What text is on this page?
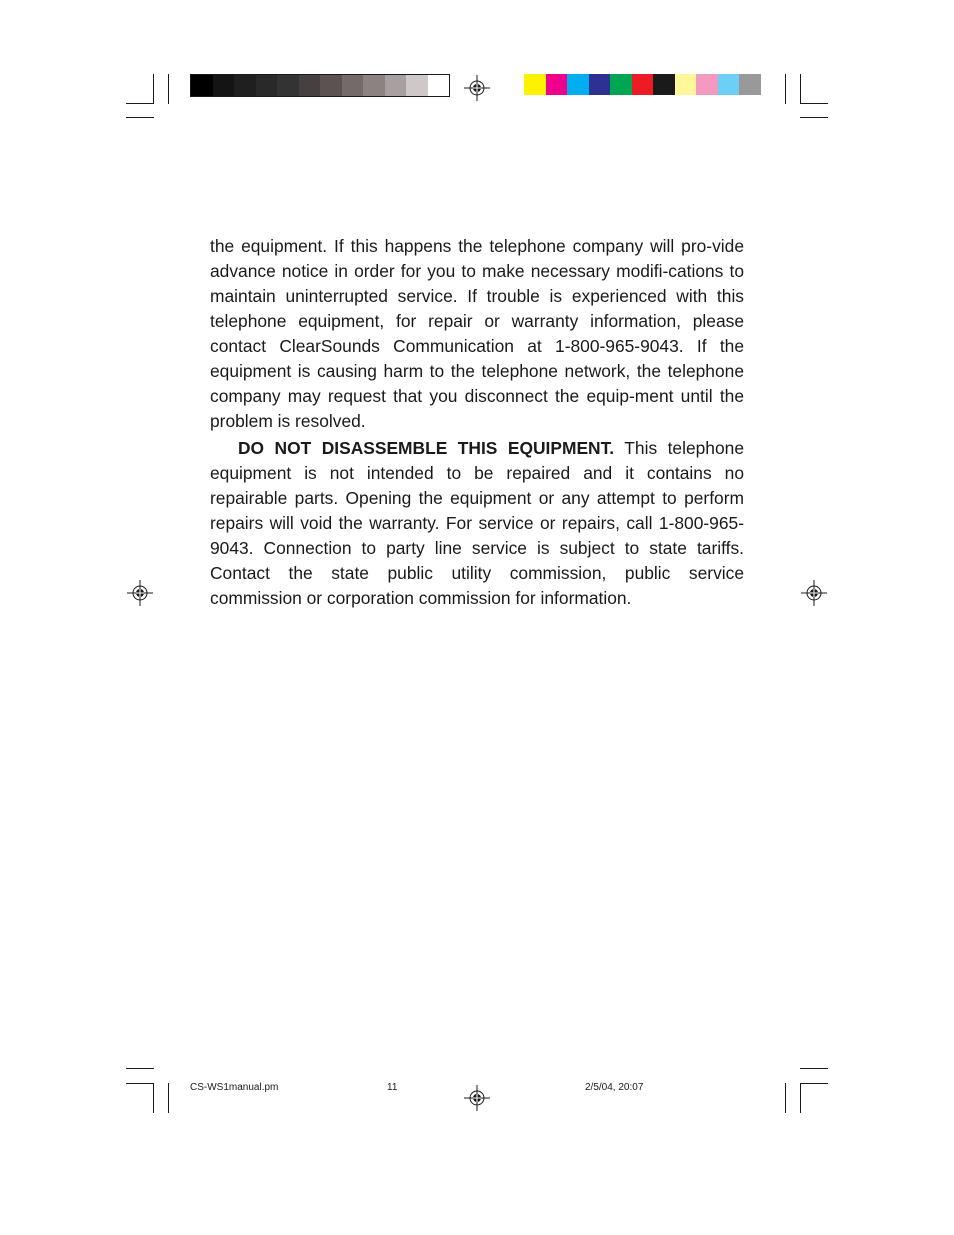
the equipment. If this happens the telephone company will pro-vide advance notice in order for you to make necessary modifi-cations to maintain uninterrupted service. If trouble is experienced with this telephone equipment, for repair or warranty information, please contact ClearSounds Communication at 1-800-965-9043. If the equipment is causing harm to the telephone network, the telephone company may request that you disconnect the equip-ment until the problem is resolved.

DO NOT DISASSEMBLE THIS EQUIPMENT. This telephone equipment is not intended to be repaired and it contains no repairable parts. Opening the equipment or any attempt to perform repairs will void the warranty. For service or repairs, call 1-800-965-9043. Connection to party line service is subject to state tariffs. Contact the state public utility commission, public service commission or corporation commission for information.

CS-WS1manual.pm	11	2/5/04, 20:07
